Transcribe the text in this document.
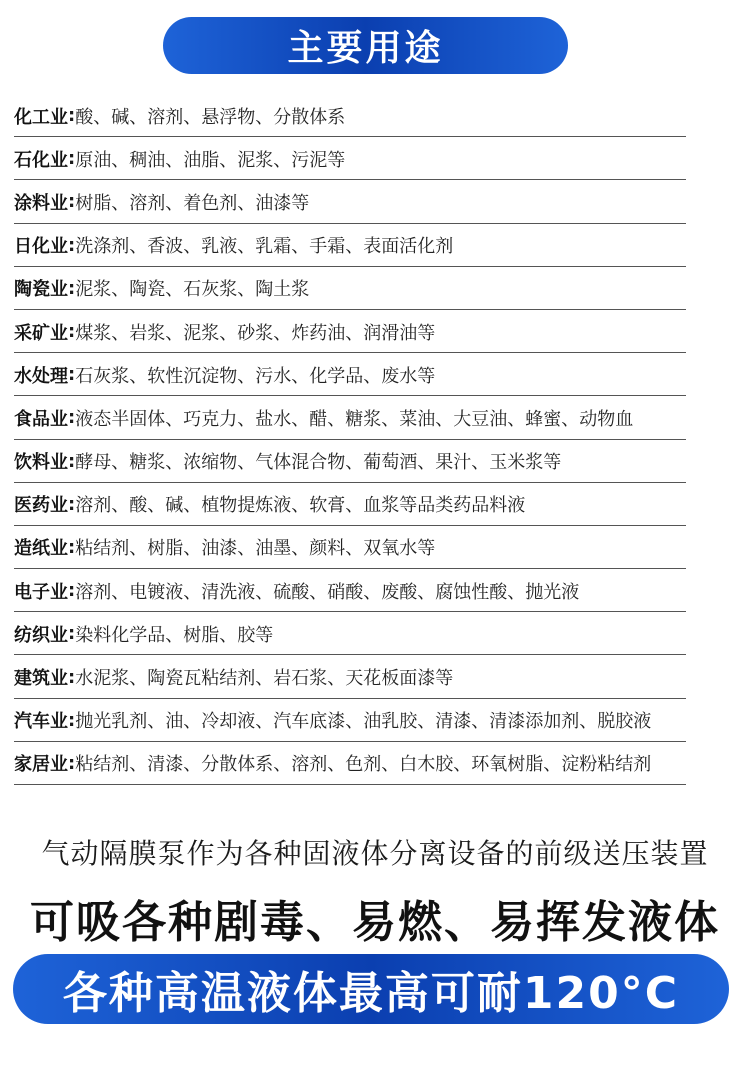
主要用途
化工业 : 酸、碱、溶剂、悬浮物、分散体系
石化业 : 原油、稠油、油脂、泥浆、污泥等
涂料业 : 树脂、溶剂、着色剂、油漆等
日化业 : 洗涤剂、香波、乳液、乳霜、手霜、表面活化剂
陶瓷业 : 泥浆、陶瓷、石灰浆、陶土浆
采矿业 : 煤浆、岩浆、泥浆、砂浆、炸药油、润滑油等
水处理 : 石灰浆、软性沉淀物、污水、化学品、废水等
食品业 : 液态半固体、巧克力、盐水、醋、糖浆、菜油、大豆油、蜂蜜、动物血
饮料业 : 酵母、糖浆、浓缩物、气体混合物、葡萄酒、果汁、玉米浆等
医药业 : 溶剂、酸、碱、植物提炼液、软膏、血浆等品类药品料液
造纸业 : 粘结剂、树脂、油漆、油墨、颜料、双氧水等
电子业 : 溶剂、电镀液、清洗液、硫酸、硝酸、废酸、腐蚀性酸、抛光液
纺织业 : 染料化学品、树脂、胶等
建筑业 : 水泥浆、陶瓷瓦粘结剂、岩石浆、天花板面漆等
汽车业 : 抛光乳剂、油、冷却液、汽车底漆、油乳胶、清漆、清漆添加剂、脱胶液
家居业 : 粘结剂、清漆、分散体系、溶剂、色剂、白木胶、环氧树脂、淀粉粘结剂
气动隔膜泵作为各种固液体分离设备的前级送压装置
可吸各种剧毒、易燃、易挥发液体
各种高温液体最高可耐120°C
